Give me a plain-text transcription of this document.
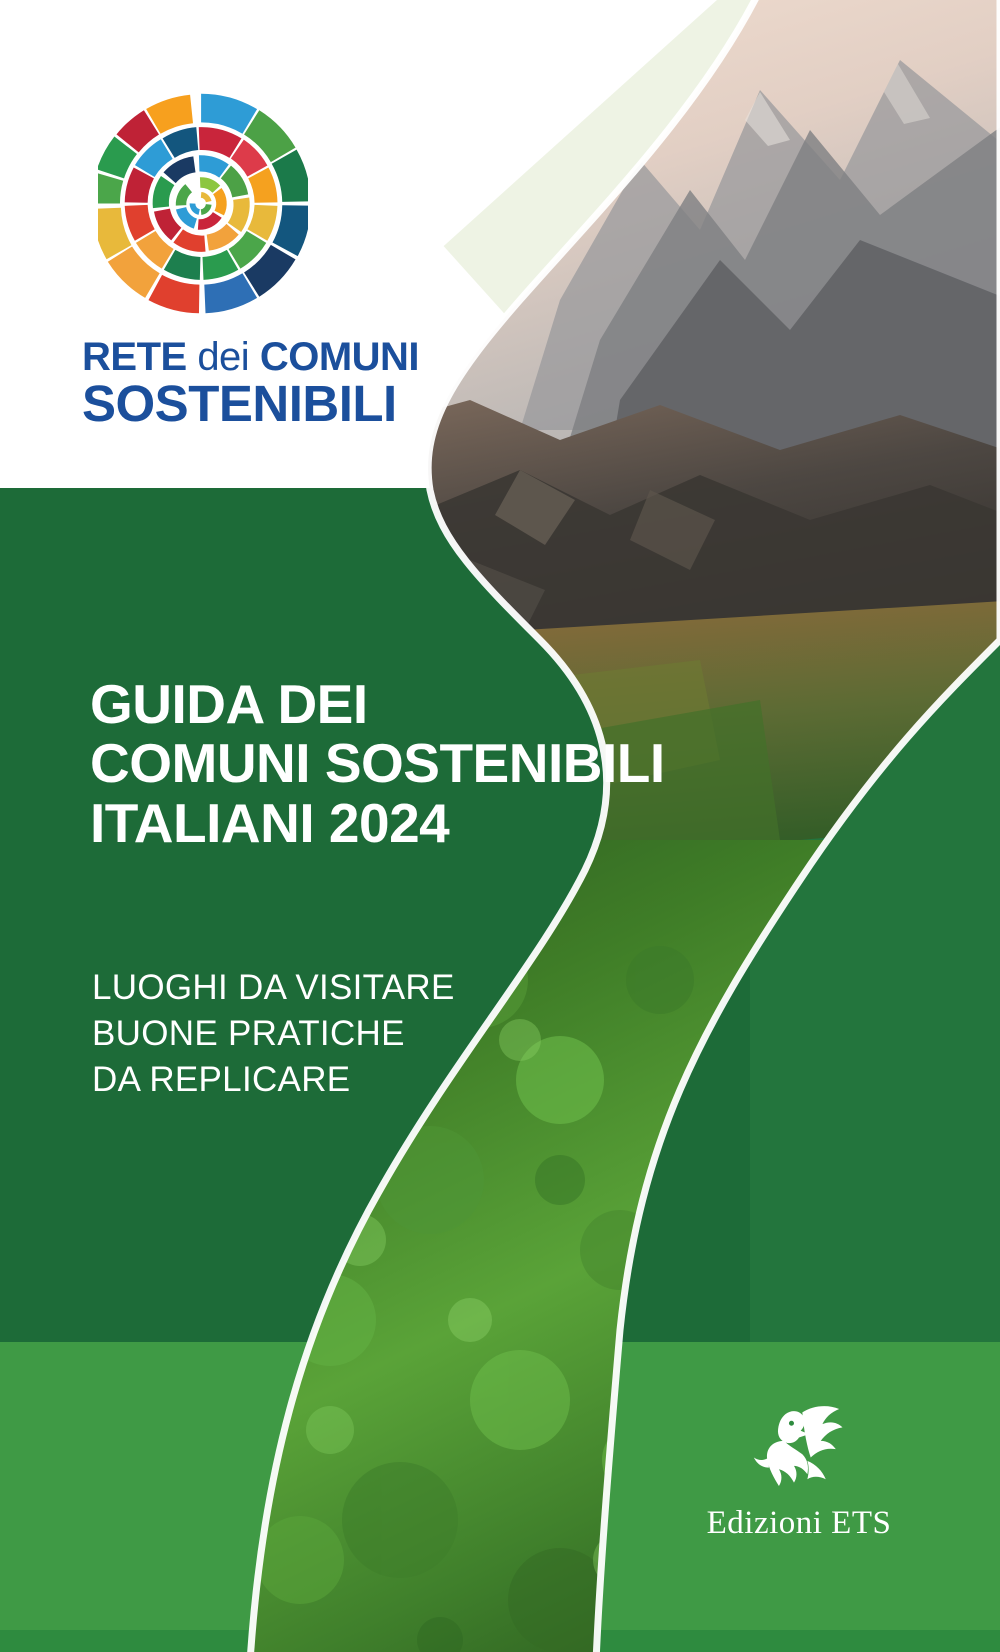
RETE dei COMUNI
SOSTENIBILI
GUIDA DEI
COMUNI SOSTENIBILI
ITALIANI 2024
LUOGHI DA VISITARE
BUONE PRATICHE
DA REPLICARE
Edizioni ETS
